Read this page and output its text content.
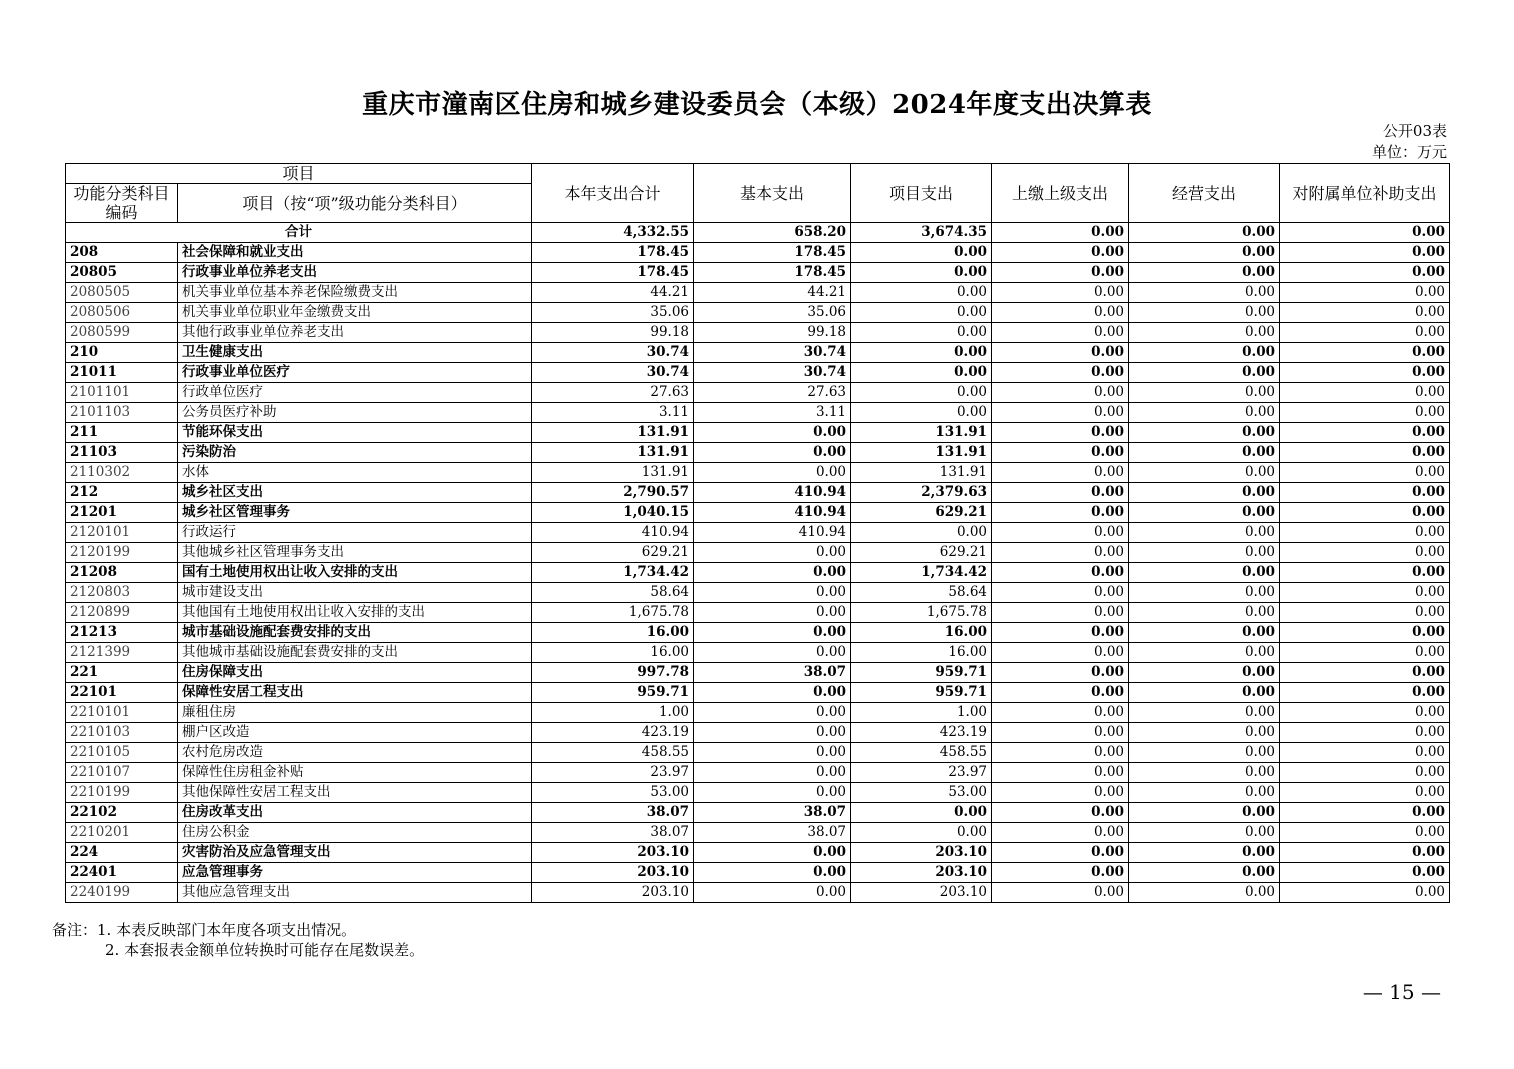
重庆市潼南区住房和城乡建设委员会（本级）2024年度支出决算表
公开03表
单位：万元
项目		本年支出合计	基本支出	项目支出	上缴上级支出	经营支出	对附属单位补助支出
功能分类科目编码	项目（按“项”级功能分类科目）						
合计		4,332.55	658.20	3,674.35	0.00	0.00	0.00
208	社会保障和就业支出	178.45	178.45	0.00	0.00	0.00	0.00
20805	行政事业单位养老支出	178.45	178.45	0.00	0.00	0.00	0.00
2080505	机关事业单位基本养老保险缴费支出	44.21	44.21	0.00	0.00	0.00	0.00
2080506	机关事业单位职业年金缴费支出	35.06	35.06	0.00	0.00	0.00	0.00
2080599	其他行政事业单位养老支出	99.18	99.18	0.00	0.00	0.00	0.00
210	卫生健康支出	30.74	30.74	0.00	0.00	0.00	0.00
21011	行政事业单位医疗	30.74	30.74	0.00	0.00	0.00	0.00
2101101	行政单位医疗	27.63	27.63	0.00	0.00	0.00	0.00
2101103	公务员医疗补助	3.11	3.11	0.00	0.00	0.00	0.00
211	节能环保支出	131.91	0.00	131.91	0.00	0.00	0.00
21103	污染防治	131.91	0.00	131.91	0.00	0.00	0.00
2110302	水体	131.91	0.00	131.91	0.00	0.00	0.00
212	城乡社区支出	2,790.57	410.94	2,379.63	0.00	0.00	0.00
21201	城乡社区管理事务	1,040.15	410.94	629.21	0.00	0.00	0.00
2120101	行政运行	410.94	410.94	0.00	0.00	0.00	0.00
2120199	其他城乡社区管理事务支出	629.21	0.00	629.21	0.00	0.00	0.00
21208	国有土地使用权出让收入安排的支出	1,734.42	0.00	1,734.42	0.00	0.00	0.00
2120803	城市建设支出	58.64	0.00	58.64	0.00	0.00	0.00
2120899	其他国有土地使用权出让收入安排的支出	1,675.78	0.00	1,675.78	0.00	0.00	0.00
21213	城市基础设施配套费安排的支出	16.00	0.00	16.00	0.00	0.00	0.00
2121399	其他城市基础设施配套费安排的支出	16.00	0.00	16.00	0.00	0.00	0.00
221	住房保障支出	997.78	38.07	959.71	0.00	0.00	0.00
22101	保障性安居工程支出	959.71	0.00	959.71	0.00	0.00	0.00
2210101	廉租住房	1.00	0.00	1.00	0.00	0.00	0.00
2210103	棚户区改造	423.19	0.00	423.19	0.00	0.00	0.00
2210105	农村危房改造	458.55	0.00	458.55	0.00	0.00	0.00
2210107	保障性住房租金补贴	23.97	0.00	23.97	0.00	0.00	0.00
2210199	其他保障性安居工程支出	53.00	0.00	53.00	0.00	0.00	0.00
22102	住房改革支出	38.07	38.07	0.00	0.00	0.00	0.00
2210201	住房公积金	38.07	38.07	0.00	0.00	0.00	0.00
224	灾害防治及应急管理支出	203.10	0.00	203.10	0.00	0.00	0.00
22401	应急管理事务	203.10	0.00	203.10	0.00	0.00	0.00
2240199	其他应急管理支出	203.10	0.00	203.10	0.00	0.00	0.00
备注：1. 本表反映部门本年度各项支出情况。
2. 本套报表金额单位转换时可能存在尾数误差。
— 15 —
